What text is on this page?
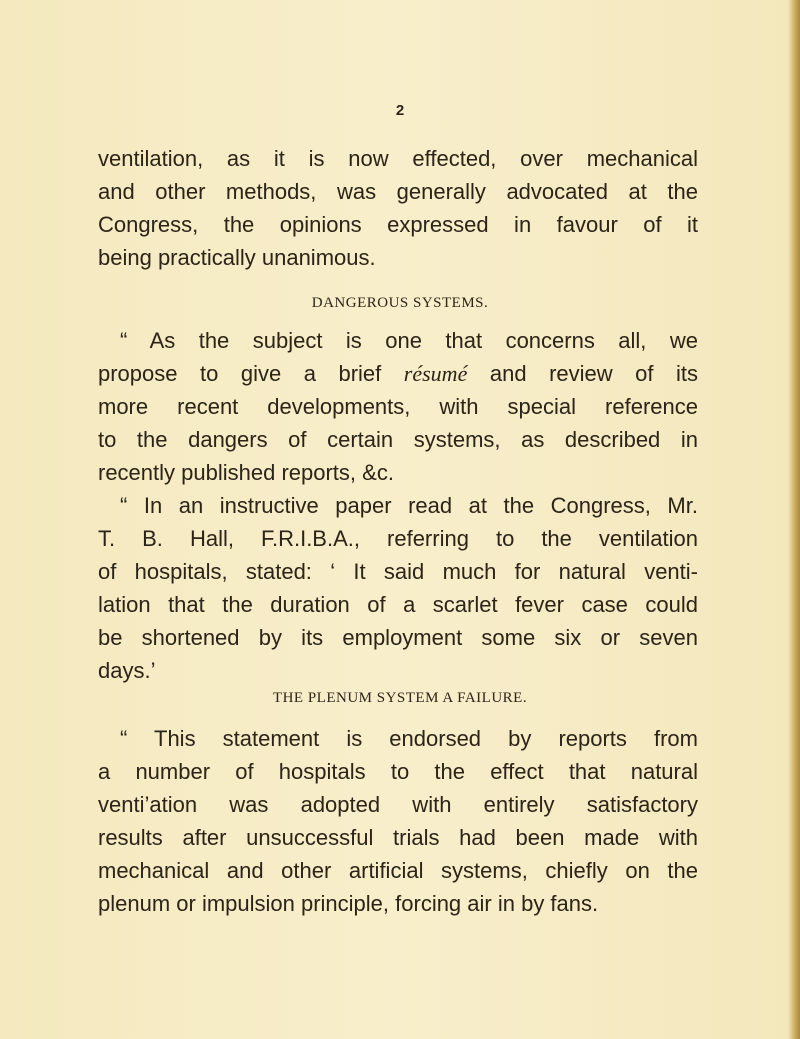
2
ventilation, as it is now effected, over mechanical
and other methods, was generally advocated at the
Congress, the opinions expressed in favour of it
being practically unanimous.
DANGEROUS SYSTEMS.
“ As the subject is one that concerns all, we
propose to give a brief résumé and review of its
more recent developments, with special reference
to the dangers of certain systems, as described in
recently published reports, &c.
“ In an instructive paper read at the Congress, Mr.
T. B. Hall, F.R.I.B.A., referring to the ventilation
of hospitals, stated: ‘ It said much for natural venti-
lation that the duration of a scarlet fever case could
be shortened by its employment some six or seven
days.’
THE PLENUM SYSTEM A FAILURE.
“ This statement is endorsed by reports from
a number of hospitals to the effect that natural
venti’ation was adopted with entirely satisfactory
results after unsuccessful trials had been made with
mechanical and other artificial systems, chiefly on the
plenum or impulsion principle, forcing air in by fans.
